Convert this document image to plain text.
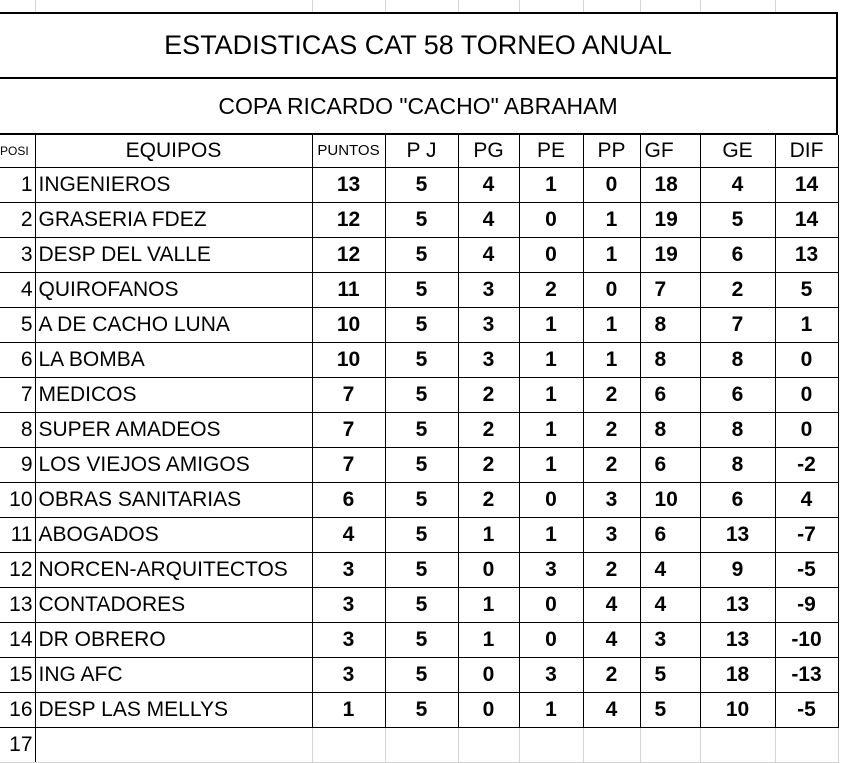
ESTADISTICAS CAT 58 TORNEO ANUAL
COPA RICARDO "CACHO" ABRAHAM
POSI	EQUIPOS	PUNTOS	P J	PG	PE	PP	GF	GE	DIF
1	INGENIEROS	13	5	4	1	0	18	4	14
2	GRASERIA FDEZ	12	5	4	0	1	19	5	14
3	DESP DEL VALLE	12	5	4	0	1	19	6	13
4	QUIROFANOS	11	5	3	2	0	7	2	5
5	A DE CACHO LUNA	10	5	3	1	1	8	7	1
6	LA BOMBA	10	5	3	1	1	8	8	0
7	MEDICOS	7	5	2	1	2	6	6	0
8	SUPER AMADEOS	7	5	2	1	2	8	8	0
9	LOS VIEJOS AMIGOS	7	5	2	1	2	6	8	-2
10	OBRAS SANITARIAS	6	5	2	0	3	10	6	4
11	ABOGADOS	4	5	1	1	3	6	13	-7
12	NORCEN-ARQUITECTOS	3	5	0	3	2	4	9	-5
13	CONTADORES	3	5	1	0	4	4	13	-9
14	DR OBRERO	3	5	1	0	4	3	13	-10
15	ING AFC	3	5	0	3	2	5	18	-13
16	DESP LAS MELLYS	1	5	0	1	4	5	10	-5
17									
